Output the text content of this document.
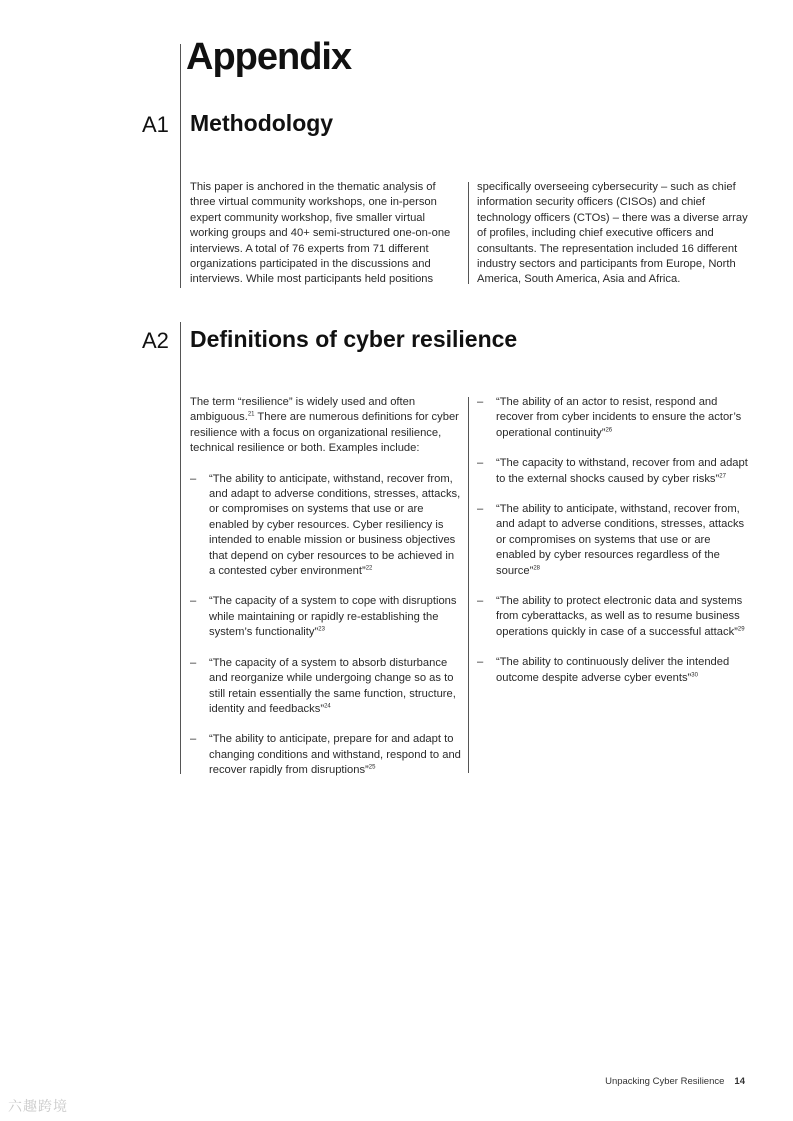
Appendix
A1 Methodology

This paper is anchored in the thematic analysis of three virtual community workshops, one in-person expert community workshop, five smaller virtual working groups and 40+ semi-structured one-on-one interviews. A total of 76 experts from 71 different organizations participated in the discussions and interviews. While most participants held positions

specifically overseeing cybersecurity – such as chief information security officers (CISOs) and chief technology officers (CTOs) – there was a diverse array of profiles, including chief executive officers and consultants. The representation included 16 different industry sectors and participants from Europe, North America, South America, Asia and Africa.

A2 Definitions of cyber resilience

The term “resilience” is widely used and often ambiguous.$^{21}$ There are numerous definitions for cyber resilience with a focus on organizational resilience, technical resilience or both. Examples include:

– “The ability to anticipate, withstand, recover from, and adapt to adverse conditions, stresses, attacks, or compromises on systems that use or are enabled by cyber resources. Cyber resiliency is intended to enable mission or business objectives that depend on cyber resources to be achieved in a contested cyber environment”$^{22}$
– “The capacity of a system to cope with disruptions while maintaining or rapidly re-establishing the system’s functionality”$^{23}$
– “The capacity of a system to absorb disturbance and reorganize while undergoing change so as to still retain essentially the same function, structure, identity and feedbacks”$^{24}$
– “The ability to anticipate, prepare for and adapt to changing conditions and withstand, respond to and recover rapidly from disruptions”$^{25}$
– “The ability of an actor to resist, respond and recover from cyber incidents to ensure the actor’s operational continuity”$^{26}$
– “The capacity to withstand, recover from and adapt to the external shocks caused by cyber risks”$^{27}$
– “The ability to anticipate, withstand, recover from, and adapt to adverse conditions, stresses, attacks or compromises on systems that use or are enabled by cyber resources regardless of the source”$^{28}$
– “The ability to protect electronic data and systems from cyberattacks, as well as to resume business operations quickly in case of a successful attack”$^{29}$
– “The ability to continuously deliver the intended outcome despite adverse cyber events”$^{30}$
Unpacking Cyber Resilience 14
六趣跨境
